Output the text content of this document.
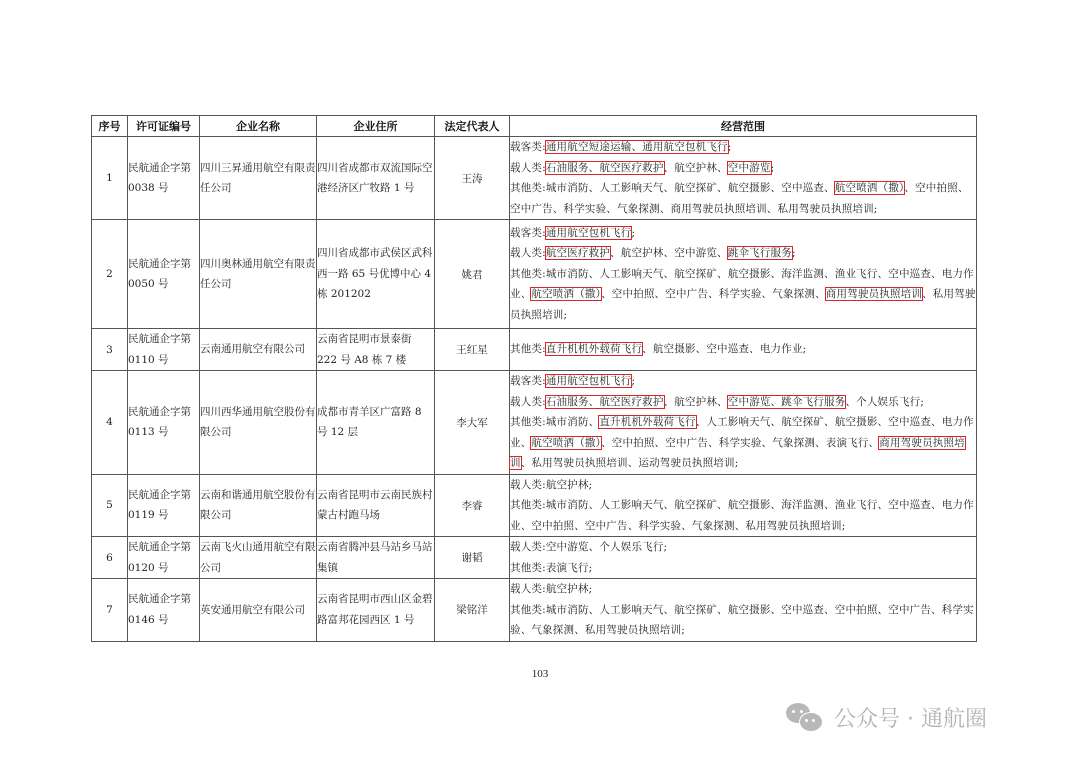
序号	许可证编号	企业名称	企业住所	法定代表人	经营范围
1	民航通企字第 0038 号	四川三昇通用航空有限责任公司	四川省成都市双流国际空港经济区广牧路 1 号	王涛	载客类:通用航空短途运输、通用航空包机飞行;
载人类:石油服务、航空医疗救护、航空护林、空中游览;
其他类:城市消防、人工影响天气、航空探矿、航空摄影、空中巡查、航空喷洒（撒）、空中拍照、空中广告、科学实验、气象探测、商用驾驶员执照培训、私用驾驶员执照培训;

2	民航通企字第 0050 号	四川奥林通用航空有限责任公司	四川省成都市武侯区武科西一路 65 号优博中心 4 栋 201202	姚君	载客类:通用航空包机飞行;
载人类:航空医疗救护、航空护林、空中游览、跳伞飞行服务;
其他类:城市消防、人工影响天气、航空探矿、航空摄影、海洋监测、渔业飞行、空中巡查、电力作业、航空喷洒（撒）、空中拍照、空中广告、科学实验、气象探测、商用驾驶员执照培训、私用驾驶员执照培训;

3	民航通企字第 0110 号	云南通用航空有限公司	云南省昆明市景泰街 222 号 A8 栋 7 楼	王红星	其他类:直升机机外载荷飞行、航空摄影、空中巡查、电力作业;

4	民航通企字第 0113 号	四川西华通用航空股份有限公司	成都市青羊区广富路 8 号 12 层	李大军	载客类:通用航空包机飞行;
载人类:石油服务、航空医疗救护、航空护林、空中游览、跳伞飞行服务、个人娱乐飞行;
其他类:城市消防、直升机机外载荷飞行、人工影响天气、航空探矿、航空摄影、空中巡查、电力作业、航空喷洒（撒）、空中拍照、空中广告、科学实验、气象探测、表演飞行、商用驾驶员执照培训、私用驾驶员执照培训、运动驾驶员执照培训;

5	民航通企字第 0119 号	云南和谐通用航空股份有限公司	云南省昆明市云南民族村蒙古村跑马场	李睿	载人类:航空护林;
其他类:城市消防、人工影响天气、航空探矿、航空摄影、海洋监测、渔业飞行、空中巡查、电力作业、空中拍照、空中广告、科学实验、气象探测、私用驾驶员执照培训;

6	民航通企字第 0120 号	云南飞火山通用航空有限公司	云南省腾冲县马站乡马站集镇	谢韬	载人类:空中游览、个人娱乐飞行;
其他类:表演飞行;

7	民航通企字第 0146 号	英安通用航空有限公司	云南省昆明市西山区金碧路富邦花园西区 1 号	梁铭洋	载人类:航空护林;
其他类:城市消防、人工影响天气、航空探矿、航空摄影、空中巡查、空中拍照、空中广告、科学实验、气象探测、私用驾驶员执照培训;
103
公众号 · 通航圈
